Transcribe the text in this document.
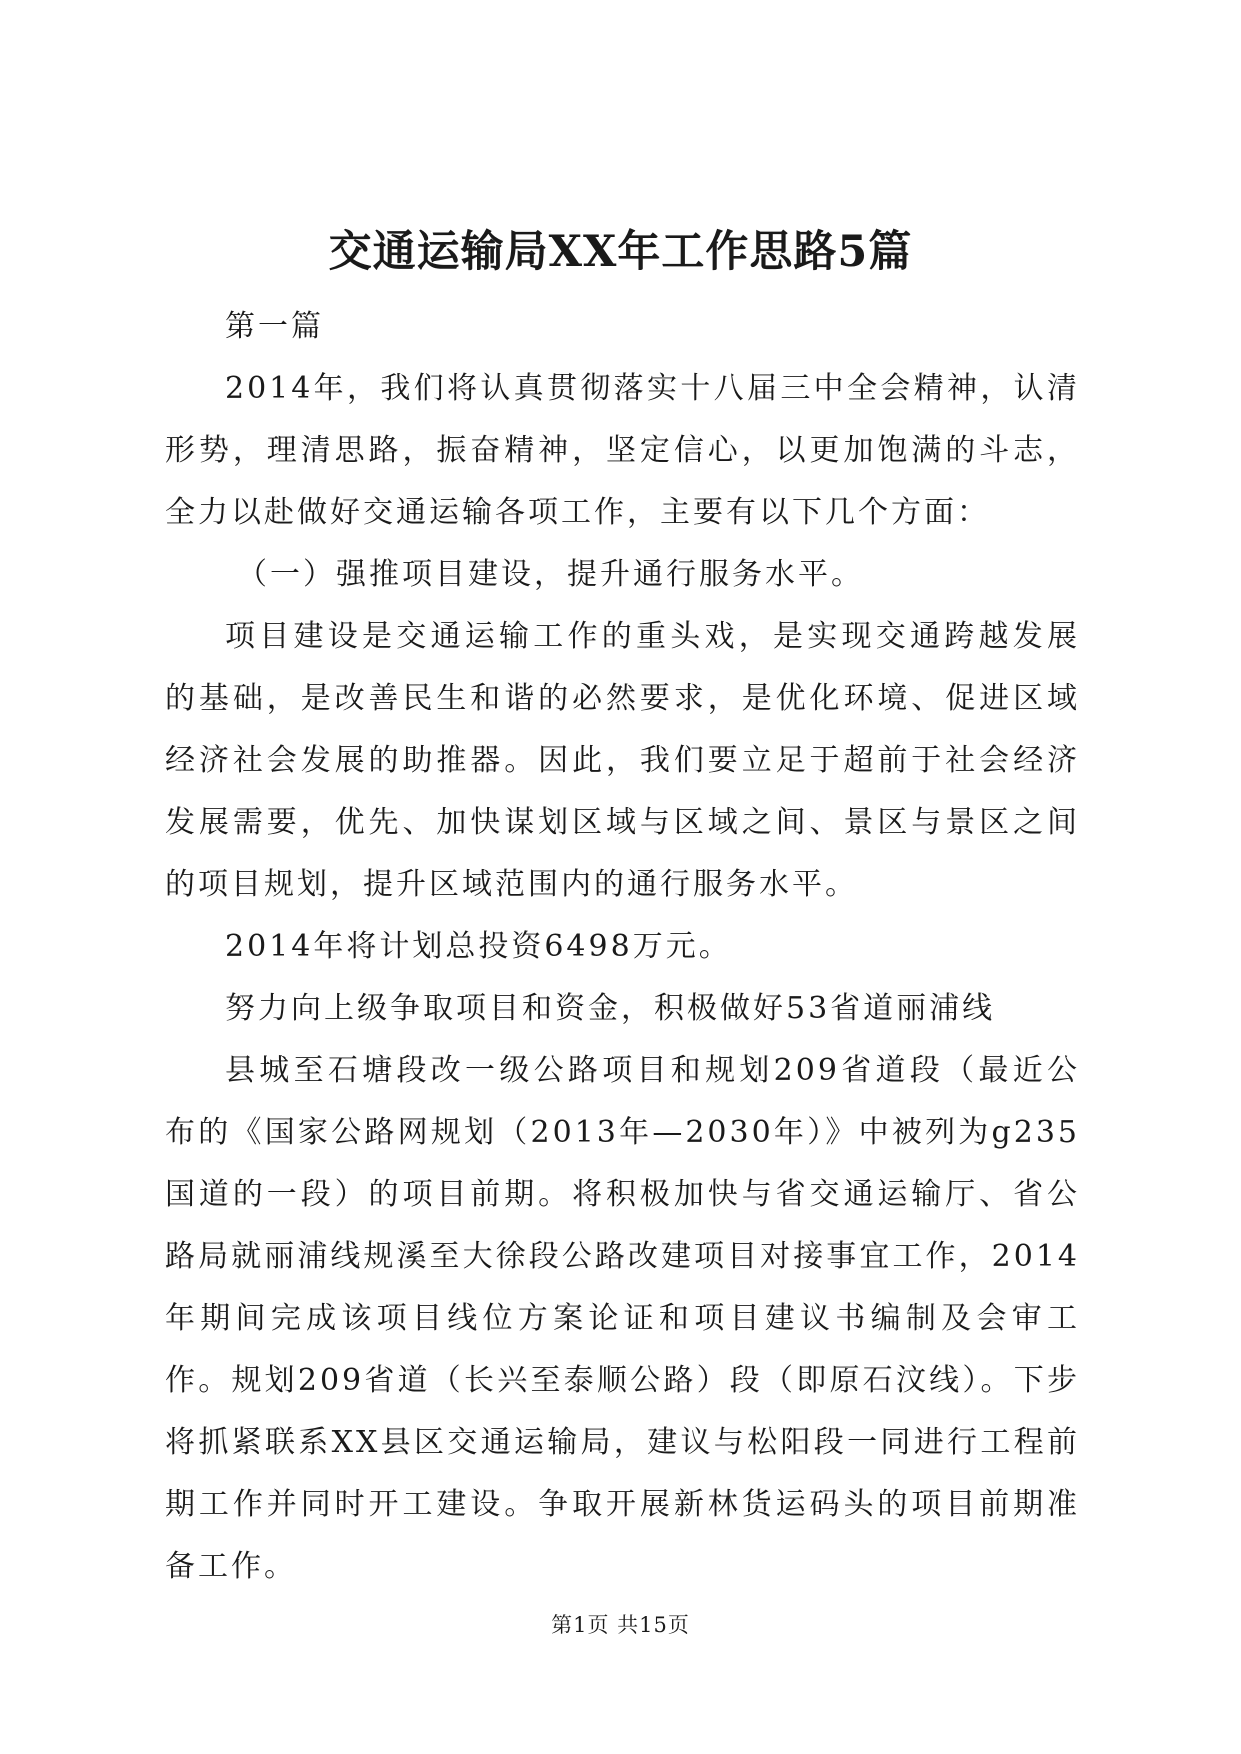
交通运输局XX年工作思路5篇

第一篇

2014年，我们将认真贯彻落实十八届三中全会精神，认清形势，理清思路，振奋精神，坚定信心，以更加饱满的斗志，全力以赴做好交通运输各项工作，主要有以下几个方面：

（一）强推项目建设，提升通行服务水平。

项目建设是交通运输工作的重头戏，是实现交通跨越发展的基础，是改善民生和谐的必然要求，是优化环境、促进区域经济社会发展的助推器。因此，我们要立足于超前于社会经济发展需要，优先、加快谋划区域与区域之间、景区与景区之间的项目规划，提升区域范围内的通行服务水平。

2014年将计划总投资6498万元。

努力向上级争取项目和资金，积极做好53省道丽浦线

县城至石塘段改一级公路项目和规划209省道段（最近公布的《国家公路网规划（2013年—2030年）》中被列为g235国道的一段）的项目前期。将积极加快与省交通运输厅、省公路局就丽浦线规溪至大徐段公路改建项目对接事宜工作，2014年期间完成该项目线位方案论证和项目建议书编制及会审工作。规划209省道（长兴至泰顺公路）段（即原石汶线）。下步将抓紧联系XX县区交通运输局，建议与松阳段一同进行工程前期工作并同时开工建设。争取开展新林货运码头的项目前期准备工作。

第1页 共15页
